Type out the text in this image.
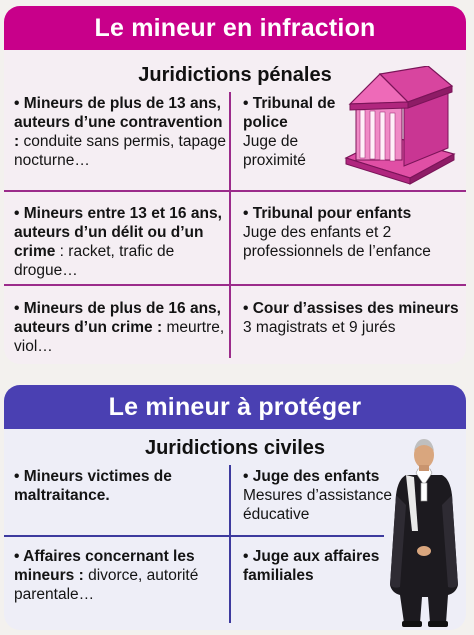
Le mineur en infraction
Juridictions pénales
• Mineurs de plus de 13 ans, auteurs d’une contravention : conduite sans permis, tapage nocturne…
• Tribunal de police
Juge de proximité
• Mineurs entre 13 et 16 ans, auteurs d’un délit ou d’un crime : racket, trafic de drogue…
• Tribunal pour enfants
Juge des enfants et 2 professionnels de l’enfance
• Mineurs de plus de 16 ans, auteurs d’un crime : meurtre, viol…
• Cour d’assises des mineurs
3 magistrats et 9 jurés
Le mineur à protéger
Juridictions civiles
• Mineurs victimes de maltraitance.
• Juge des enfants
Mesures d’assistance éducative
• Affaires concernant les mineurs : divorce, autorité parentale…
• Juge aux affaires familiales
